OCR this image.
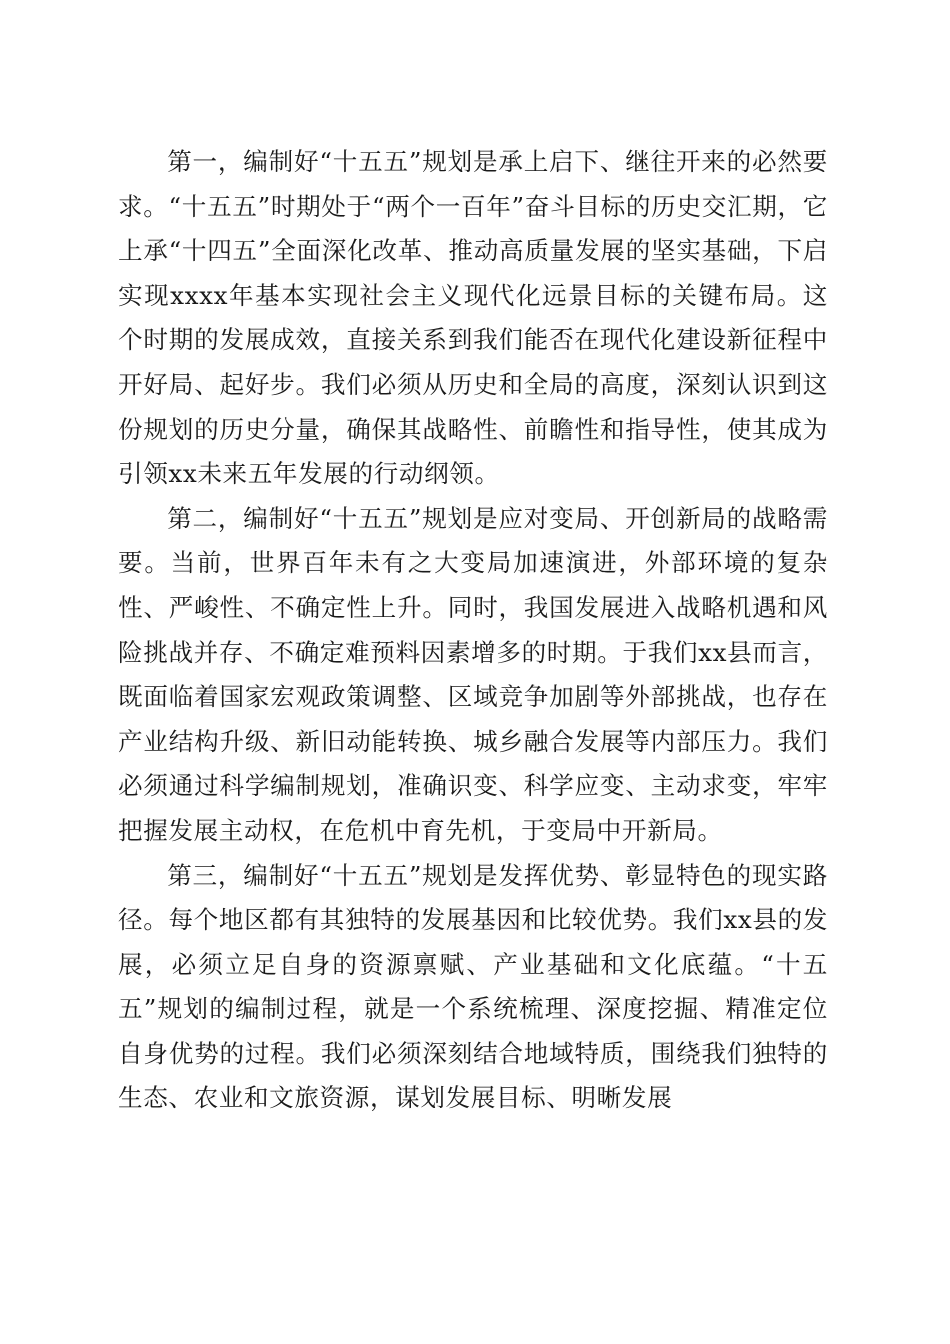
第一，编制好“十五五”规划是承上启下、继往开来的必然要求。“十五五”时期处于“两个一百年”奋斗目标的历史交汇期，它上承“十四五”全面深化改革、推动高质量发展的坚实基础，下启实现xxxx年基本实现社会主义现代化远景目标的关键布局。这个时期的发展成效，直接关系到我们能否在现代化建设新征程中开好局、起好步。我们必须从历史和全局的高度，深刻认识到这份规划的历史分量，确保其战略性、前瞻性和指导性，使其成为引领xx未来五年发展的行动纲领。

第二，编制好“十五五”规划是应对变局、开创新局的战略需要。当前，世界百年未有之大变局加速演进，外部环境的复杂性、严峻性、不确定性上升。同时，我国发展进入战略机遇和风险挑战并存、不确定难预料因素增多的时期。于我们xx县而言，既面临着国家宏观政策调整、区域竞争加剧等外部挑战，也存在产业结构升级、新旧动能转换、城乡融合发展等内部压力。我们必须通过科学编制规划，准确识变、科学应变、主动求变，牢牢把握发展主动权，在危机中育先机，于变局中开新局。

第三，编制好“十五五”规划是发挥优势、彰显特色的现实路径。每个地区都有其独特的发展基因和比较优势。我们xx县的发展，必须立足自身的资源禀赋、产业基础和文化底蕴。“十五五”规划的编制过程，就是一个系统梳理、深度挖掘、精准定位自身优势的过程。我们必须深刻结合地域特质，围绕我们独特的生态、农业和文旅资源，谋划发展目标、明晰发展
